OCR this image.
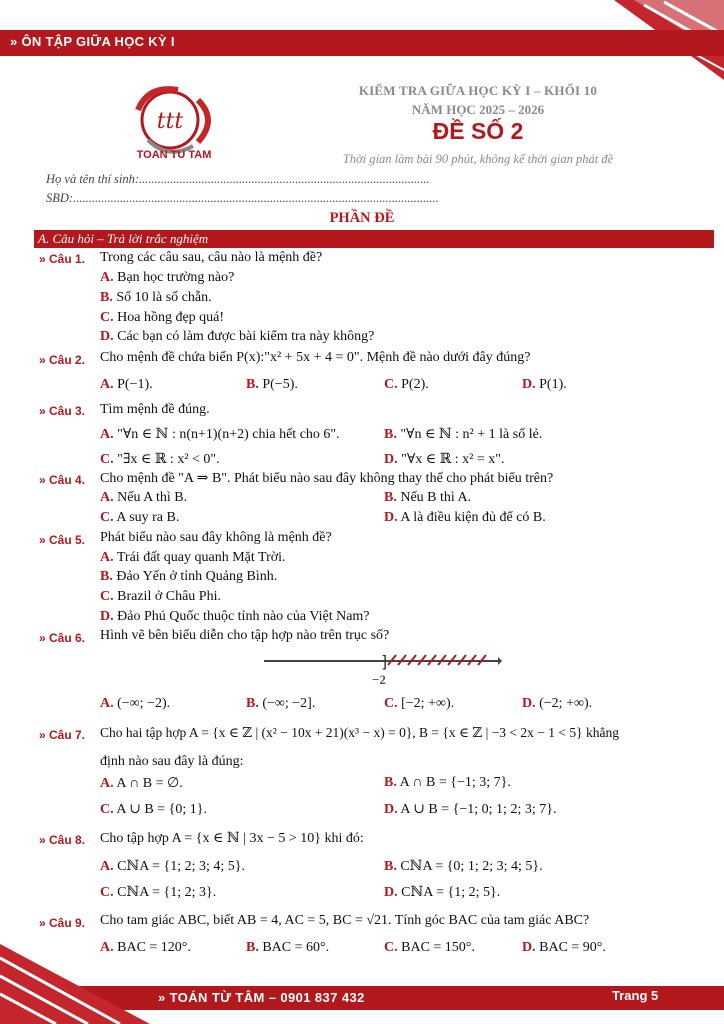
» ÔN TẬP GIỮA HỌC KỲ I
ttt
TOAN TU TAM
KIỂM TRA GIỮA HỌC KỲ I – KHỐI 10
NĂM HỌC 2025 – 2026
ĐỀ SỐ 2
Thời gian làm bài 90 phút, không kể thời gian phát đề
Họ và tên thí sinh:.............................................................................................
SBD:.....................................................................................................................
PHẦN ĐỀ
A. Câu hỏi – Trả lời trắc nghiệm
» Câu 1. Trong các câu sau, câu nào là mệnh đề?
A. Bạn học trường nào?
B. Số 10 là số chẵn.
C. Hoa hồng đẹp quá!
D. Các bạn có làm được bài kiểm tra này không?
» Câu 2. Cho mệnh đề chứa biến P(x):"x² + 5x + 4 = 0". Mệnh đề nào dưới đây đúng?
A. P(−1).	B. P(−5).	C. P(2).	D. P(1).
» Câu 3. Tìm mệnh đề đúng.
A. "∀n ∈ ℕ : n(n+1)(n+2) chia hết cho 6".	B. "∀n ∈ ℕ : n² + 1 là số lẻ.
C. "∃x ∈ ℝ : x² < 0".	D. "∀x ∈ ℝ : x² = x".
» Câu 4. Cho mệnh đề "A ⇒ B". Phát biểu nào sau đây không thay thế cho phát biểu trên?
A. Nếu A thì B.	B. Nếu B thì A.
C. A suy ra B.	D. A là điều kiện đủ để có B.
» Câu 5. Phát biểu nào sau đây không là mệnh đề?
A. Trái đất quay quanh Mặt Trời.
B. Đảo Yến ở tỉnh Quảng Bình.
C. Brazil ở Châu Phi.
D. Đảo Phú Quốc thuộc tỉnh nào của Việt Nam?
» Câu 6. Hình vẽ bên biểu diễn cho tập hợp nào trên trục số?
]
−2
A. (−∞; −2).	B. (−∞; −2].	C. [−2; +∞).	D. (−2; +∞).
» Câu 7. Cho hai tập hợp A = {x ∈ ℤ | (x² − 10x + 21)(x³ − x) = 0}, B = {x ∈ ℤ | −3 < 2x − 1 < 5} khẳng
định nào sau đây là đúng:
A. A ∩ B = ∅.	B. A ∩ B = {−1; 3; 7}.
C. A ∪ B = {0; 1}.	D. A ∪ B = {−1; 0; 1; 2; 3; 7}.
» Câu 8. Cho tập hợp A = {x ∈ ℕ | 3x − 5 > 10} khi đó:
A. CℕA = {1; 2; 3; 4; 5}.	B. CℕA = {0; 1; 2; 3; 4; 5}.
C. CℕA = {1; 2; 3}.	D. CℕA = {1; 2; 5}.
» Câu 9. Cho tam giác ABC, biết AB = 4, AC = 5, BC = √21. Tính góc BAC của tam giác ABC?
A. BAC = 120°.	B. BAC = 60°.	C. BAC = 150°.	D. BAC = 90°.
» TOÁN TỪ TÂM – 0901 837 432	Trang 5
